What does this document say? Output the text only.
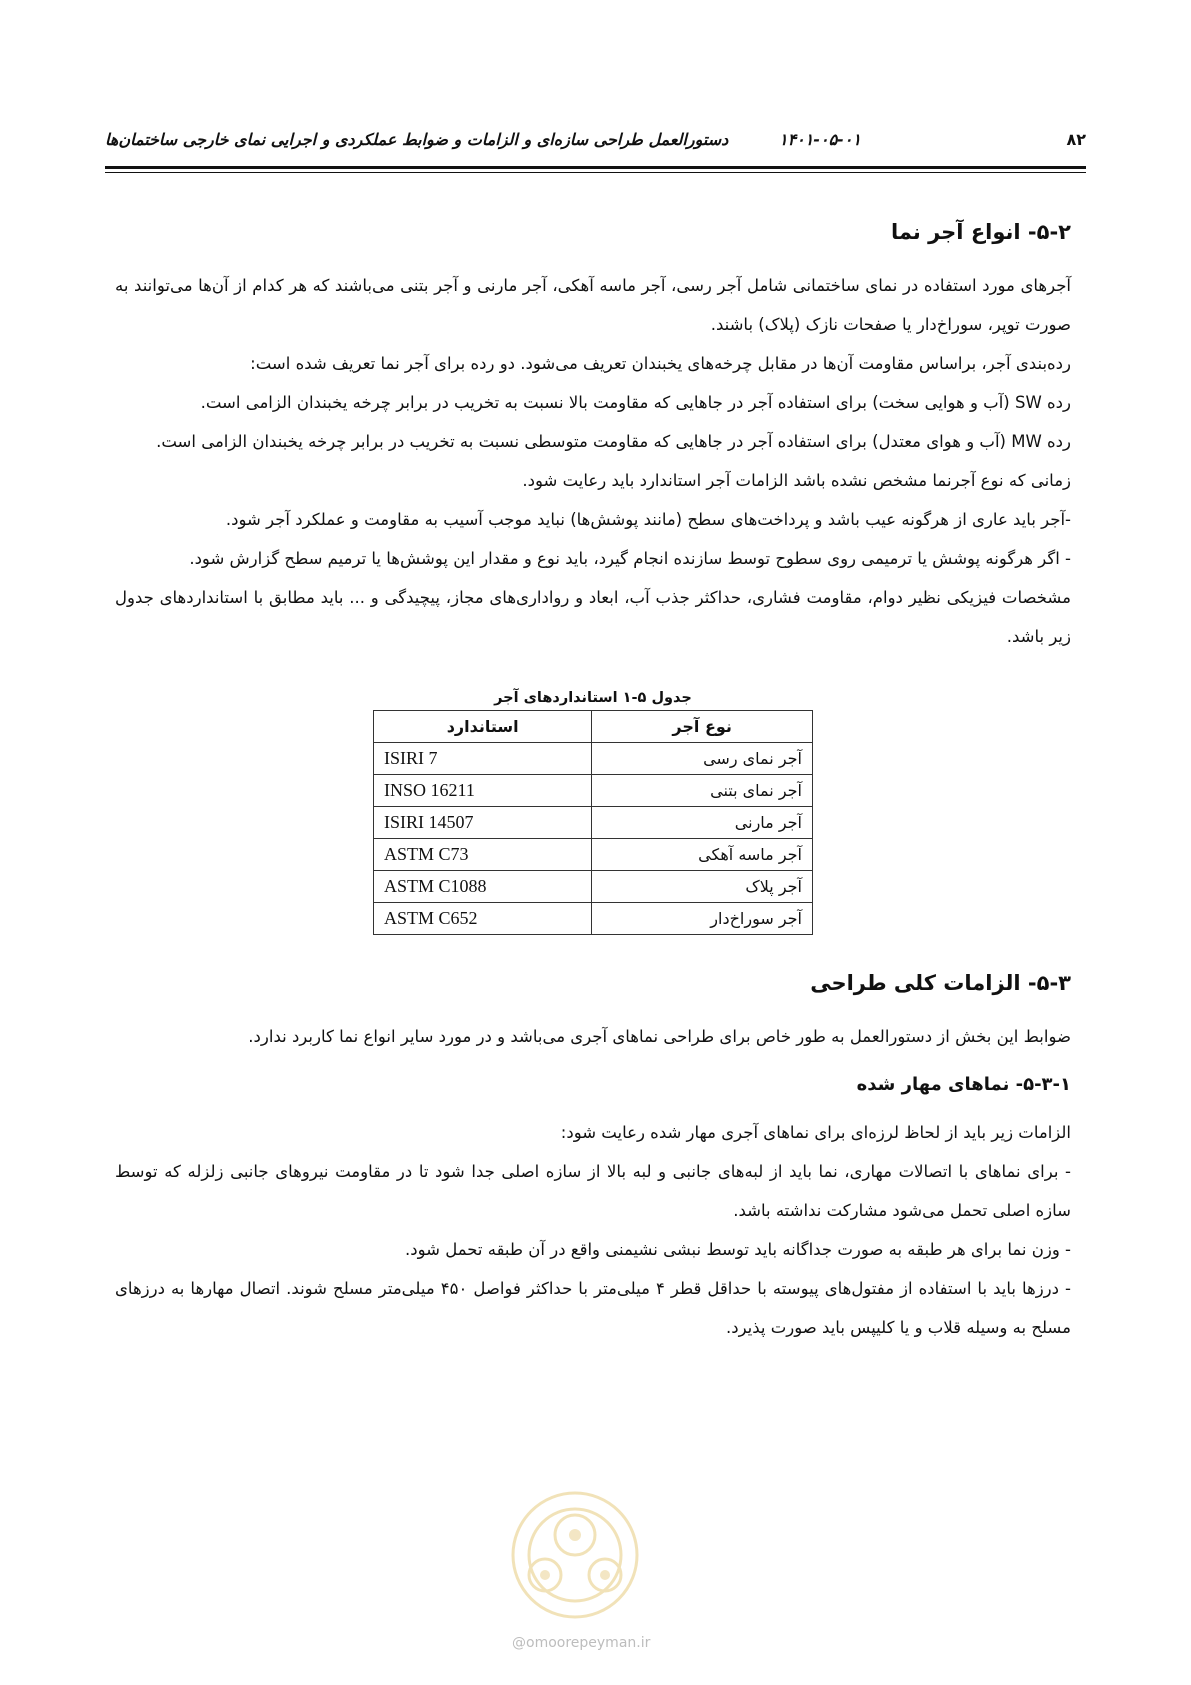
۸۲
۱۴۰۱-۰۵-۰۱
دستورالعمل طراحی سازه‌ای و الزامات و ضوابط عملکردی و اجرایی نمای خارجی ساختمان‌ها
۵-۲- انواع آجر نما

آجرهای مورد استفاده در نمای ساختمانی شامل آجر رسی، آجر ماسه آهکی، آجر مارنی و آجر بتنی می‌باشند که هر کدام از آن‌ها می‌توانند به صورت توپر، سوراخ‌دار یا صفحات نازک (پلاک) باشند.

رده‌بندی آجر، براساس مقاومت آن‌ها در مقابل چرخه‌های یخبندان تعریف می‌شود. دو رده برای آجر نما تعریف شده است:

رده SW (آب و هوایی سخت) برای استفاده آجر در جاهایی که مقاومت بالا نسبت به تخریب در برابر چرخه یخبندان الزامی است.

رده MW (آب و هوای معتدل) برای استفاده آجر در جاهایی که مقاومت متوسطی نسبت به تخریب در برابر چرخه یخبندان الزامی است.

زمانی که نوع آجرنما مشخص نشده باشد الزامات آجر استاندارد باید رعایت شود.

-آجر باید عاری از هرگونه عیب باشد و پرداخت‌های سطح (مانند پوشش‌ها) نباید موجب آسیب به مقاومت و عملکرد آجر شود.

- اگر هرگونه پوشش یا ترمیمی روی سطوح توسط سازنده انجام گیرد، باید نوع و مقدار این پوشش‌ها یا ترمیم سطح گزارش شود.

مشخصات فیزیکی نظیر دوام، مقاومت فشاری، حداکثر جذب آب، ابعاد و رواداری‌های مجاز، پیچیدگی و ... باید مطابق با استانداردهای جدول زیر باشد.

جدول ۵-۱ استانداردهای آجر
نوع آجر	استاندارد
آجر نمای رسی	ISIRI 7
آجر نمای بتنی	INSO 16211
آجر مارنی	ISIRI 14507
آجر ماسه آهکی	ASTM C73
آجر پلاک	ASTM C1088
آجر سوراخ‌دار	ASTM C652
۵-۳- الزامات کلی طراحی

ضوابط این بخش از دستورالعمل به طور خاص برای طراحی نماهای آجری می‌باشد و در مورد سایر انواع نما کاربرد ندارد.

۵-۳-۱- نماهای مهار شده

الزامات زیر باید از لحاظ لرزه‌ای برای نماهای آجری مهار شده رعایت شود:

- برای نماهای با اتصالات مهاری، نما باید از لبه‌های جانبی و لبه بالا از سازه اصلی جدا شود تا در مقاومت نیروهای جانبی زلزله که توسط سازه اصلی تحمل می‌شود مشارکت نداشته باشد.

- وزن نما برای هر طبقه به صورت جداگانه باید توسط نبشی نشیمنی واقع در آن طبقه تحمل شود.

- درزها باید با استفاده از مفتول‌های پیوسته با حداقل قطر ۴ میلی‌متر با حداکثر فواصل ۴۵۰ میلی‌متر مسلح شوند. اتصال مهارها به درزهای مسلح به وسیله قلاب و یا کلیپس باید صورت پذیرد.

@omoorepeyman.ir
